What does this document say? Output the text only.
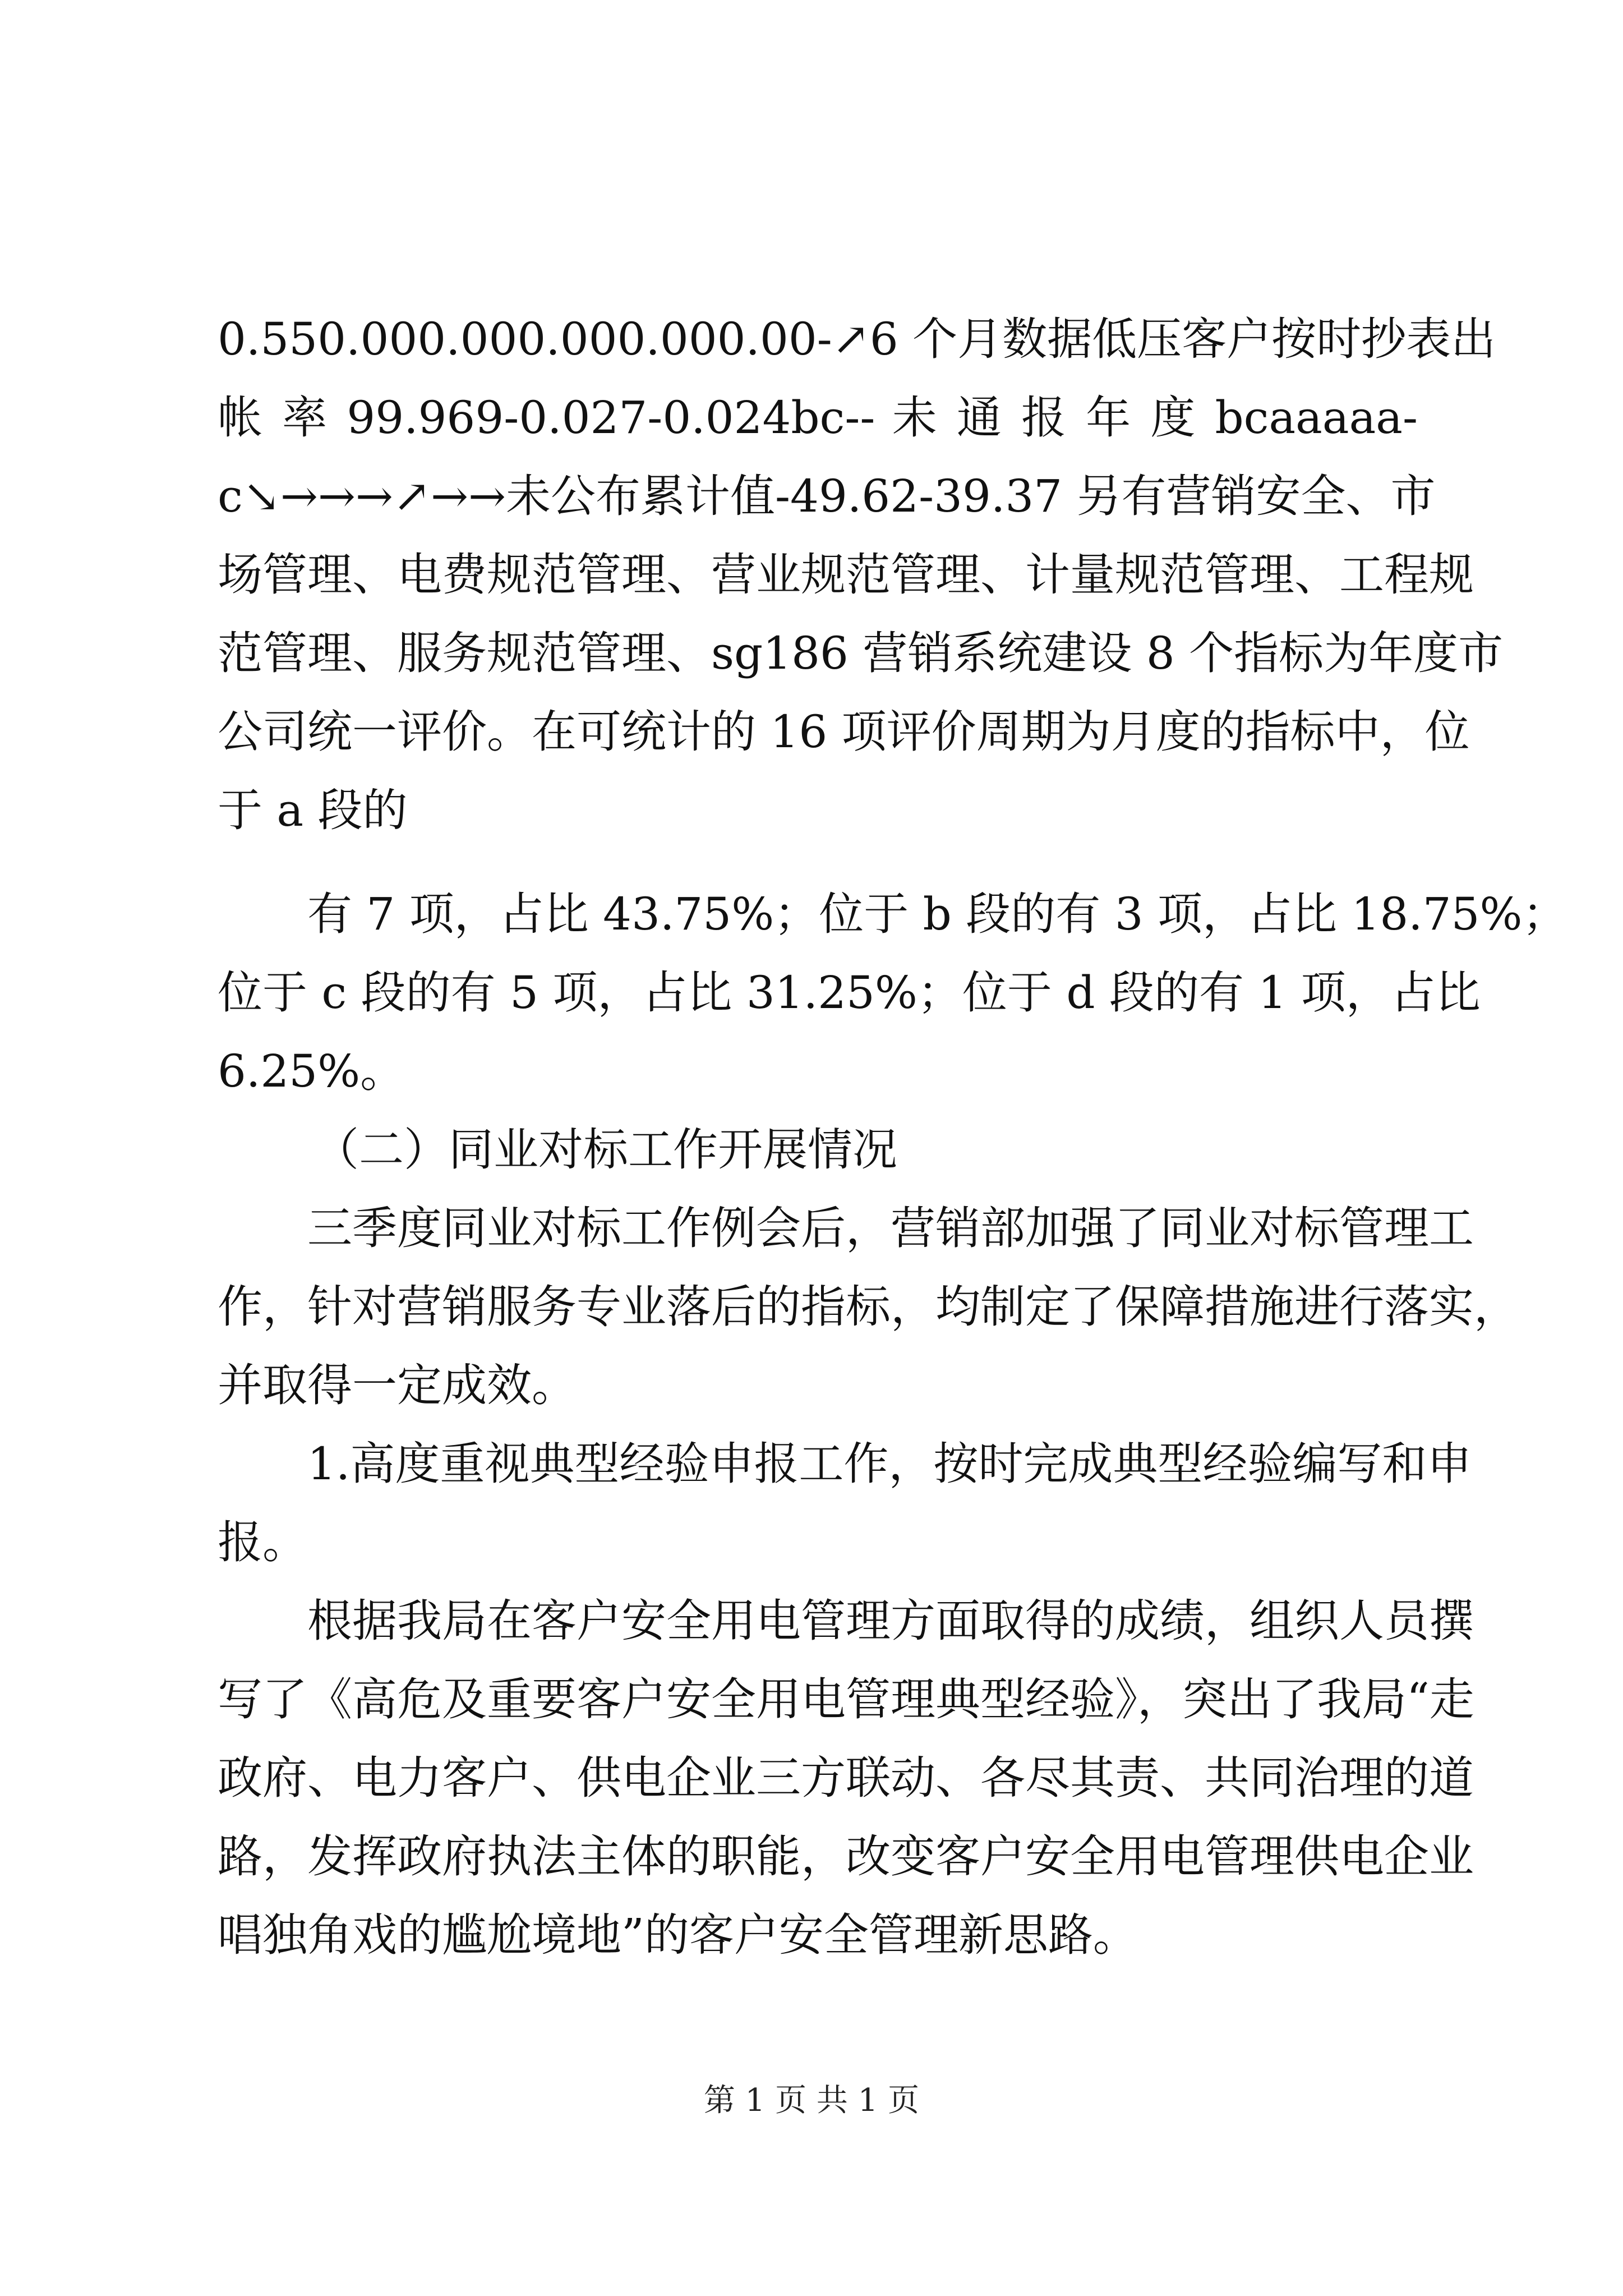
0.550.000.000.000.000.00-↗6 个月数据低压客户按时抄表出
帐 率 99.969-0.027-0.024bc-- 未 通 报 年 度 bcaaaaa-
c↘→→→↗→→未公布累计值-49.62-39.37 另有营销安全、市
场管理、电费规范管理、营业规范管理、计量规范管理、工程规
范管理、服务规范管理、sg186 营销系统建设 8 个指标为年度市
公司统一评价。在可统计的 16 项评价周期为月度的指标中，位
于 a 段的
有 7 项，占比 43.75%；位于 b 段的有 3 项，占比 18.75%；
位于 c 段的有 5 项，占比 31.25%；位于 d 段的有 1 项，占比
6.25%。
（二）同业对标工作开展情况
三季度同业对标工作例会后，营销部加强了同业对标管理工
作，针对营销服务专业落后的指标，均制定了保障措施进行落实，
并取得一定成效。
1.高度重视典型经验申报工作，按时完成典型经验编写和申
报。
根据我局在客户安全用电管理方面取得的成绩，组织人员撰
写了《高危及重要客户安全用电管理典型经验》，突出了我局“走
政府、电力客户、供电企业三方联动、各尽其责、共同治理的道
路，发挥政府执法主体的职能，改变客户安全用电管理供电企业
唱独角戏的尴尬境地”的客户安全管理新思路。
第 1 页 共 1 页
